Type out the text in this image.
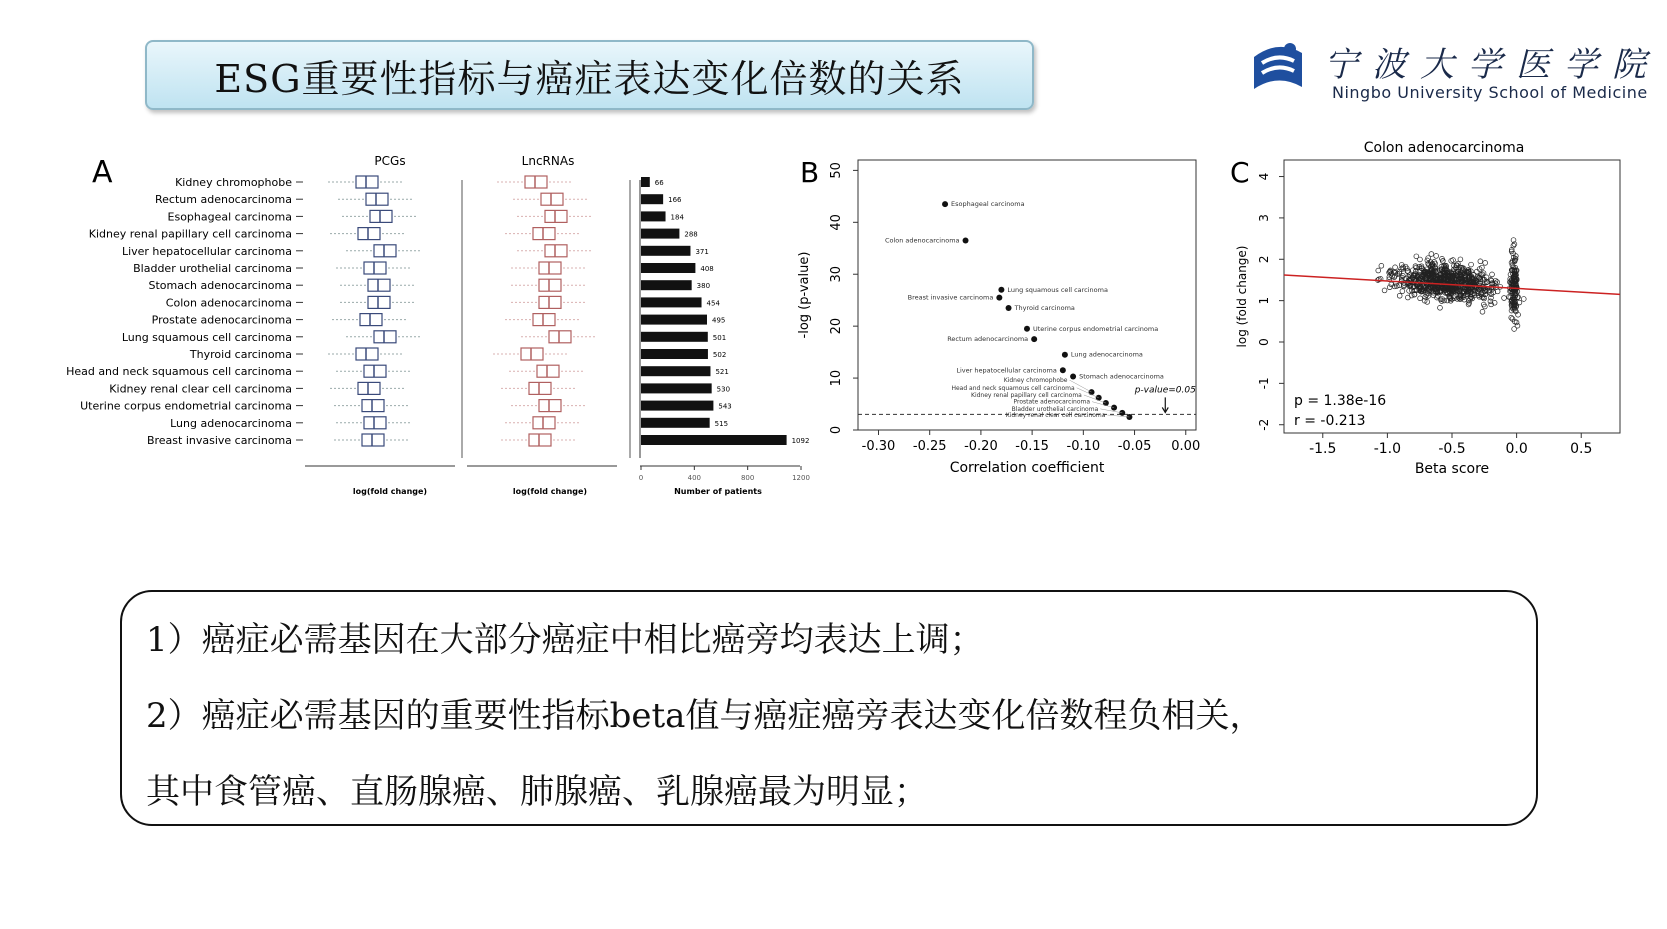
ESG重要性指标与癌症表达变化倍数的关系	宁波大学医学院
Ningbo University School of Medicine
A	PCGs	LncRNAs
Kidney chromophobe	66
Rectum adenocarcinoma	166
Esophageal carcinoma	184
Kidney renal papillary cell carcinoma	288
Liver hepatocellular carcinoma	371
Bladder urothelial carcinoma	408
Stomach adenocarcinoma	380
Colon adenocarcinoma	454
Prostate adenocarcinoma	495
Lung squamous cell carcinoma	501
Thyroid carcinoma	502
Head and neck squamous cell carcinoma	521
Kidney renal clear cell carcinoma	530
Uterine corpus endometrial carcinoma	543
Lung adenocarcinoma	515
Breast invasive carcinoma	1092
0	400	800	1200
log(fold change)	log(fold change)	Number of patients
B
-0.30 -0.25 -0.20 -0.15 -0.10 -0.05 0.00
0
10
20
30
40
50
Correlation coefficient
-log (p-value)
p-value=0.05
Esophageal carcinoma
Colon adenocarcinoma
Lung squamous cell carcinoma
Breast invasive carcinoma
Thyroid carcinoma
Uterine corpus endometrial carcinoma
Rectum adenocarcinoma
Lung adenocarcinoma
Liver hepatocellular carcinoma
Stomach adenocarcinoma
Kidney chromophobe
Head and neck squamous cell carcinoma
Kidney renal papillary cell carcinoma
Prostate adenocarcinoma
Bladder urothelial carcinoma
Kidney renal clear cell carcinoma
C
Colon adenocarcinoma
-1.5	-1.0	-0.5	0.0	0.5
-2
-1
0
1
2
3
4
Beta score
log (fold change)
p = 1.38e-16
r = -0.213
1）癌症必需基因在大部分癌症中相比癌旁均表达上调；
2）癌症必需基因的重要性指标beta值与癌症癌旁表达变化倍数程负相关，
其中食管癌、直肠腺癌、肺腺癌、乳腺癌最为明显；
